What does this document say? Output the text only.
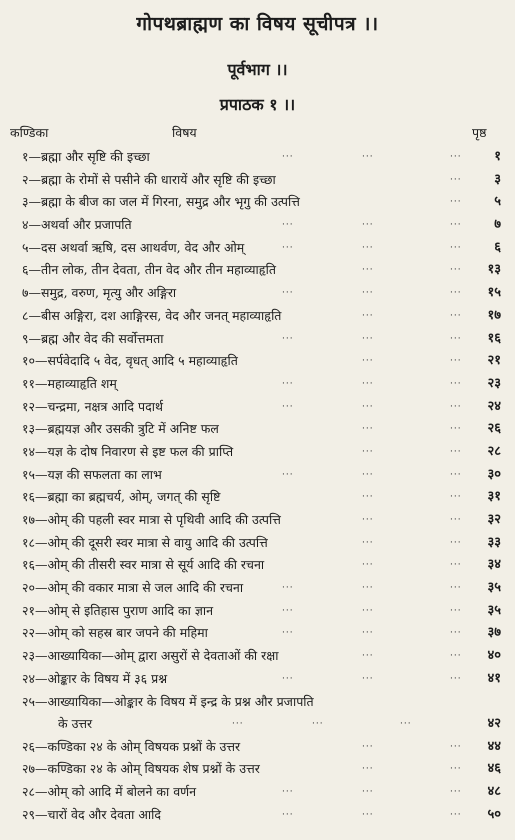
गोपथब्राह्मण का विषय सूचीपत्र ।।
पूर्वभाग ।।
प्रपाठक १ ।।
कण्डिका	विषय	पृष्ठ
१—ब्रह्मा और सृष्टि की इच्छा	···	···	···	१
२—ब्रह्मा के रोमों से पसीने की धारायें और सृष्टि की इच्छा	···	३
३—ब्रह्मा के बीज का जल में गिरना, समुद्र और भृगु की उत्पत्ति	···	५
४—अथर्वा और प्रजापति	···	···	···	७
५—दस अथर्वा ऋषि, दस आथर्वण, वेद और ओम्	···	···	···	६
६—तीन लोक, तीन देवता, तीन वेद और तीन महाव्याहृति	···	···	१३
७—समुद्र, वरुण, मृत्यु और अङ्गिरा	···	···	···	१५
८—बीस अङ्गिरा, दश आङ्गिरस, वेद और जनत् महाव्याहृति	···	···	१७
९—ब्रह्म और वेद की सर्वोत्तमता	···	···	···	१६
१०—सर्पवेदादि ५ वेद, वृधत् आदि ५ महाव्याहृति	···	···	२१
११—महाव्याहृति शम्	···	···	···	२३
१२—चन्द्रमा, नक्षत्र आदि पदार्थ	···	···	···	२४
१३—ब्रह्मयज्ञ और उसकी त्रुटि में अनिष्ट फल	···	···	२६
१४—यज्ञ के दोष निवारण से इष्ट फल की प्राप्ति	···	···	२८
१५—यज्ञ की सफलता का लाभ	···	···	···	३०
१६—ब्रह्मा का ब्रह्मचर्य, ओम्, जगत् की सृष्टि	···	···	३१
१७—ओम् की पहली स्वर मात्रा से पृथिवी आदि की उत्पत्ति	···	···	३२
१८—ओम् की दूसरी स्वर मात्रा से वायु आदि की उत्पत्ति	···	···	३३
१६—ओम् की तीसरी स्वर मात्रा से सूर्य आदि की रचना	···	···	३४
२०—ओम् की वकार मात्रा से जल आदि की रचना	···	···	···	३५
२१—ओम् से इतिहास पुराण आदि का ज्ञान	···	···	···	३५
२२—ओम् को सहस्र बार जपने की महिमा	···	···	···	३७
२३—आख्यायिका—ओम् द्वारा असुरों से देवताओं की रक्षा	···	···	४०
२४—ओङ्कार के विषय में ३६ प्रश्न	···	···	···	४१
२५—आख्यायिका—ओङ्कार के विषय में इन्द्र के प्रश्न और प्रजापति
के उत्तर	···	···	···	४२
२६—कण्डिका २४ के ओम् विषयक प्रश्नों के उत्तर	···	···	४४
२७—कण्डिका २४ के ओम् विषयक शेष प्रश्नों के उत्तर	···	···	४६
२८—ओम् को आदि में बोलने का वर्णन	···	···	···	४८
२९—चारों वेद और देवता आदि	···	···	···	५०
